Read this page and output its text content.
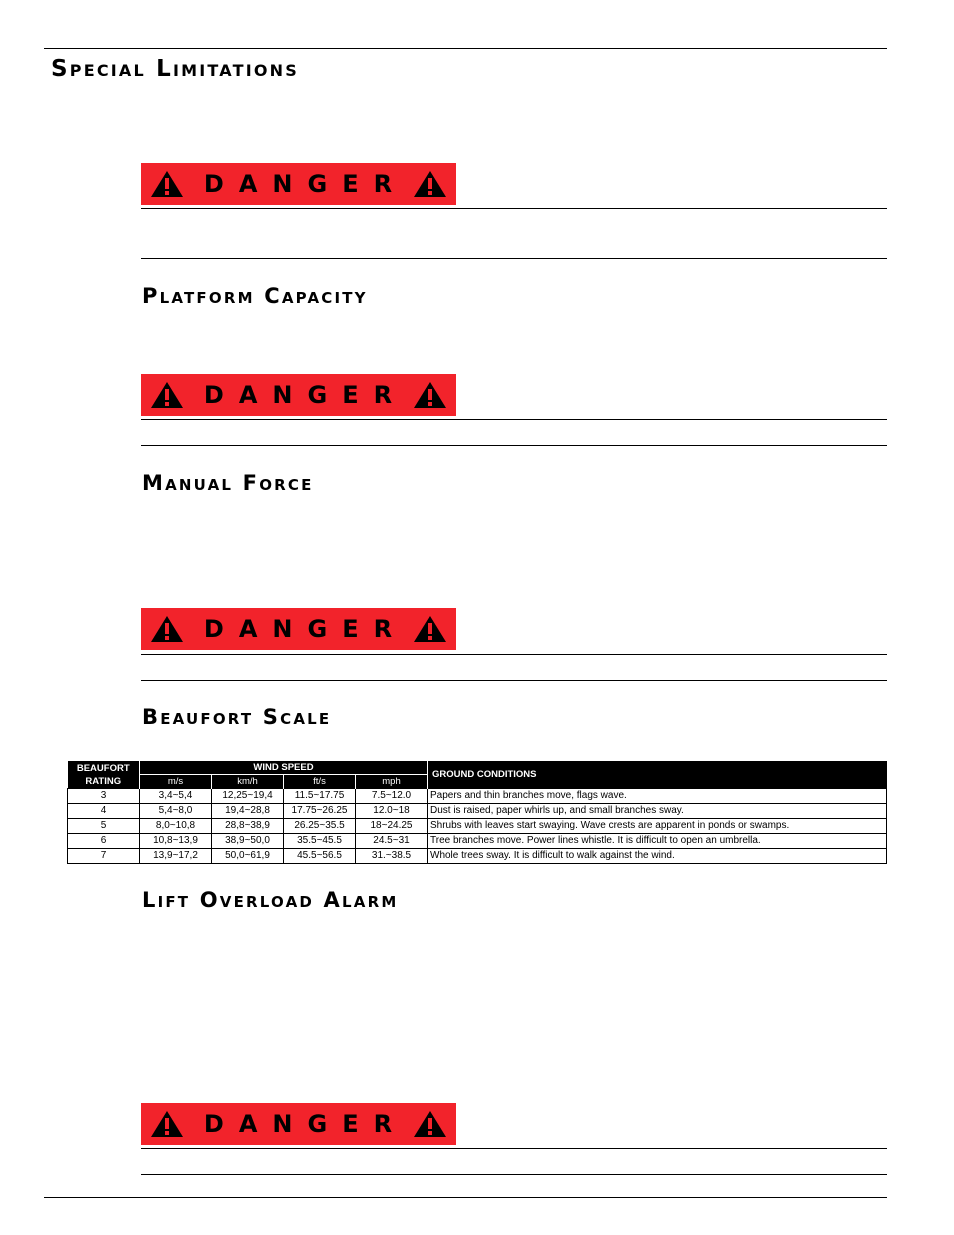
Special Limitations
Platform Capacity
Manual Force
Beaufort Scale
Lift Overload Alarm
DANGER
DANGER
DANGER
DANGER
BEAUFORT
RATING	WIND SPEED				GROUND CONDITIONS
	m/s	km/h	ft/s	mph	
3	3,4~5,4	12,25~19,4	11.5~17.75	7.5~12.0	Papers and thin branches move, flags wave.
4	5,4~8,0	19,4~28,8	17.75~26.25	12.0~18	Dust is raised, paper whirls up, and small branches sway.
5	8,0~10,8	28,8~38,9	26.25~35.5	18~24.25	Shrubs with leaves start swaying. Wave crests are apparent in ponds or swamps.
6	10,8~13,9	38,9~50,0	35.5~45.5	24.5~31	Tree branches move. Power lines whistle. It is difficult to open an umbrella.
7	13,9~17,2	50,0~61,9	45.5~56.5	31.~38.5	Whole trees sway. It is difficult to walk against the wind.
